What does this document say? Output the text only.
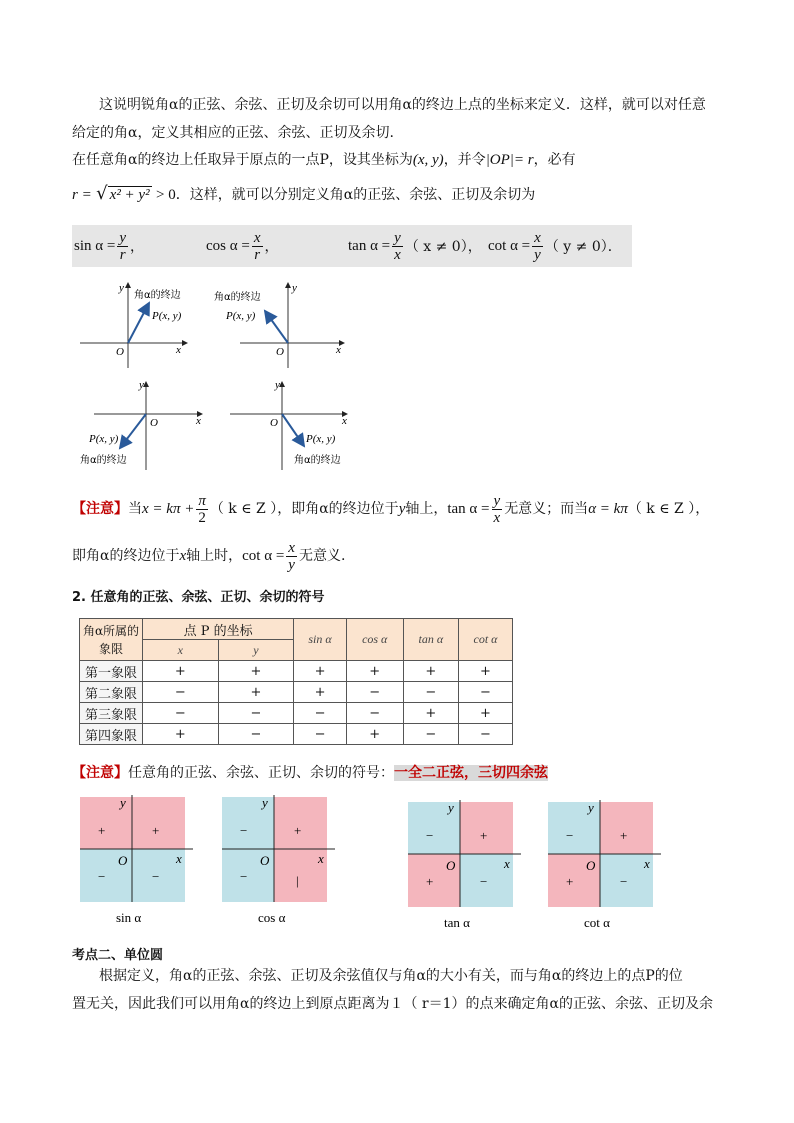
这说明锐角α的正弦、余弦、正切及余切可以用角α的终边上点的坐标来定义．这样，就可以对任意
给定的角α，定义其相应的正弦、余弦、正切及余切.
在任意角α的终边上任取异于原点的一点P，设其坐标为(x, y)，并令|OP|= r，必有
r = √ x² + y² > 0．这样，就可以分别定义角α的正弦、余弦、正切及余切为
$\sin \alpha = \frac{y}{r}$ ，	$\cos \alpha = \frac{x}{r}$ ，	$\tan \alpha = \frac{y}{x}$ （ x ≠ 0）， $\cot \alpha = \frac{x}{y}$ （ y ≠ 0）．
y
x
O
角α的终边
P(x, y)
y
x
O
角α的终边
P(x, y)
y
x
O
P(x, y)
角α的终边
y
x
O
P(x, y)
角α的终边
【注意】 当 $x = k\pi + \frac{\pi}{2}$ （ k ∈ Z ），即角α的终边位于 y 轴上， $\tan \alpha = \frac{y}{x}$ 无意义；而当 α = kπ （ k ∈ Z ），
即角α的终边位于 x 轴上时， $\cot \alpha = \frac{x}{y}$ 无意义.
2. 任意角的正弦、余弦、正切、余切的符号
角α所属的象限	点 P 的坐标		sin α	cos α	tan α	cot α
	x	y				
第一象限	+	+	+	+	+	+
第二象限	−	+	+	−	−	−
第三象限	−	−	−	−	+	+
第四象限	+	−	−	+	−	−
【注意】任意角的正弦、余弦、正切、余切的符号：一全二正弦，三切四余弦
y
x
O
+	+
−	−
sin α
y
x
O
−	+
−	|
cos α
y
x
O
−	+
+	−
tan α
y
x
O
−	+
+	−
cot α
考点二、单位圆
根据定义，角α的正弦、余弦、正切及余弦值仅与角α的大小有关，而与角α的终边上的点P的位
置无关，因此我们可以用角α的终边上到原点距离为１（ r＝1）的点来确定角α的正弦、余弦、正切及余
